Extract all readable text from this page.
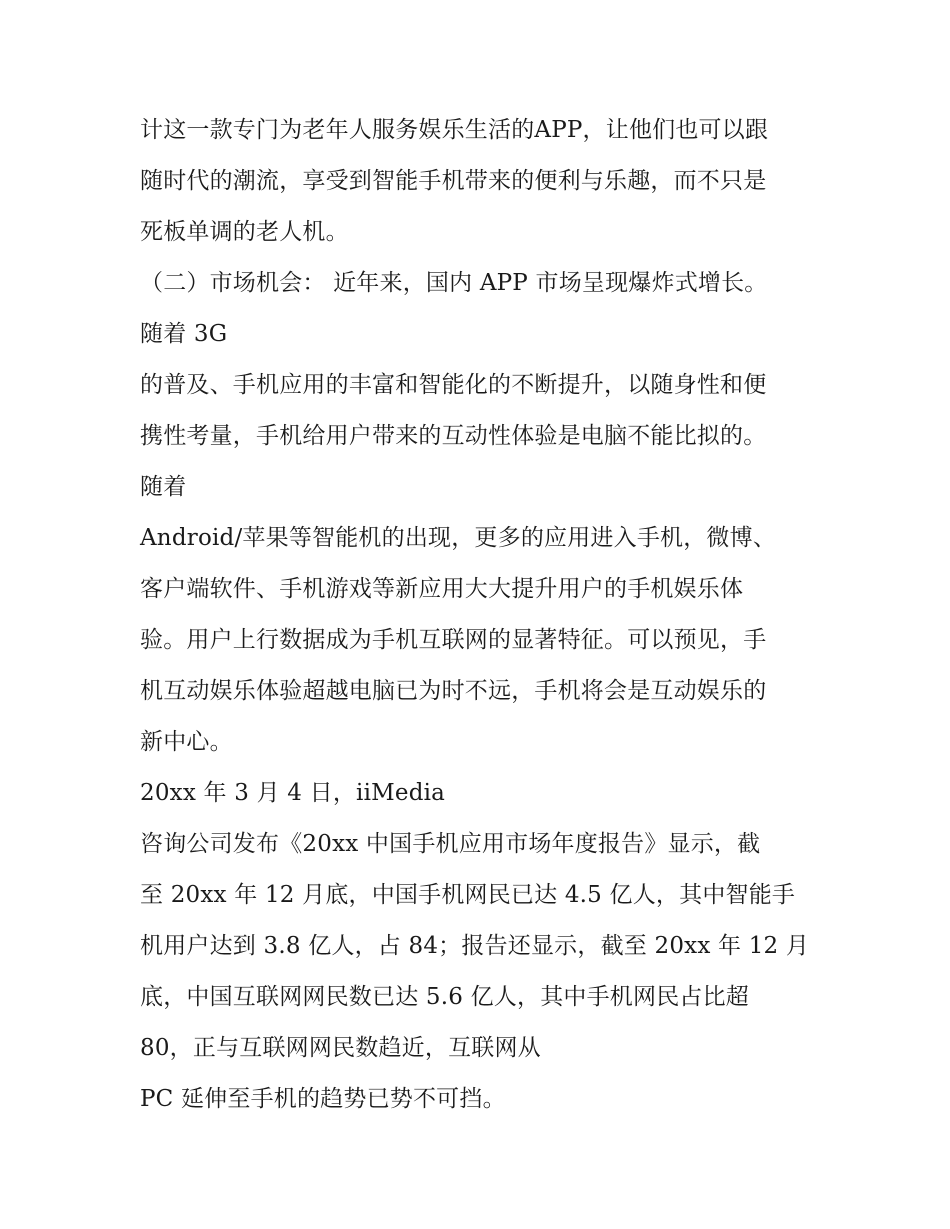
计这一款专门为老年人服务娱乐生活的APP，让他们也可以跟
随时代的潮流，享受到智能手机带来的便利与乐趣，而不只是
死板单调的老人机。
（二）市场机会： 近年来，国内 APP 市场呈现爆炸式增长。
随着 3G
的普及、手机应用的丰富和智能化的不断提升，以随身性和便
携性考量，手机给用户带来的互动性体验是电脑不能比拟的。
随着
Android/苹果等智能机的出现，更多的应用进入手机，微博、
客户端软件、手机游戏等新应用大大提升用户的手机娱乐体
验。用户上行数据成为手机互联网的显著特征。可以预见，手
机互动娱乐体验超越电脑已为时不远，手机将会是互动娱乐的
新中心。
20xx 年 3 月 4 日，iiMedia
咨询公司发布《20xx 中国手机应用市场年度报告》显示，截
至 20xx 年 12 月底，中国手机网民已达 4.5 亿人，其中智能手
机用户达到 3.8 亿人，占 84；报告还显示，截至 20xx 年 12 月
底，中国互联网网民数已达 5.6 亿人，其中手机网民占比超
80，正与互联网网民数趋近，互联网从
PC 延伸至手机的趋势已势不可挡。
